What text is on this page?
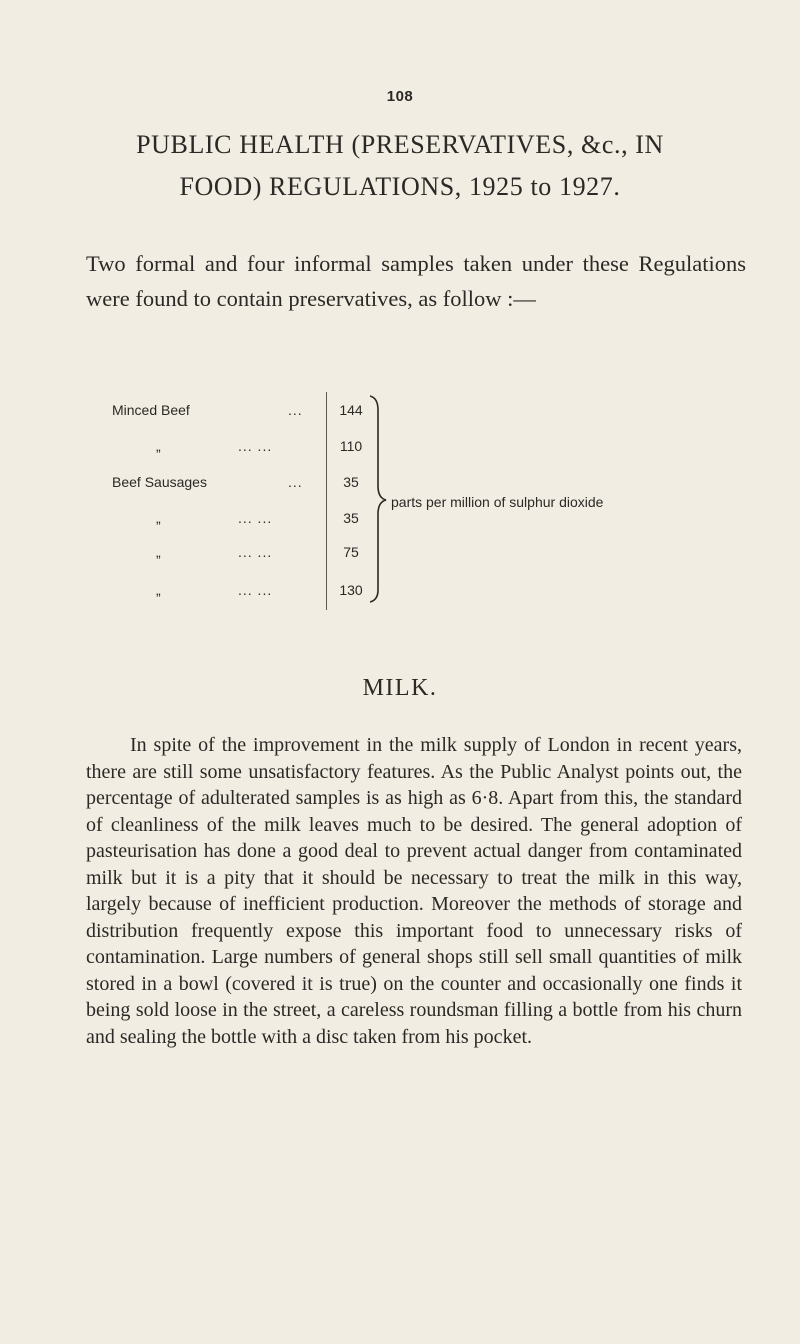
108
PUBLIC HEALTH (PRESERVATIVES, &c., IN
FOOD) REGULATIONS, 1925 to 1927.
Two formal and four informal samples taken under these Regulations were found to contain preservatives, as follow :—
Minced Beef	...	144
„	... ...	110
Beef Sausages	...	35
„	... ...	35
„	... ...	75
„	... ...	130
parts per million of sulphur dioxide
MILK.
In spite of the improvement in the milk supply of London in recent years, there are still some unsatisfactory features. As the Public Analyst points out, the percentage of adulterated samples is as high as 6·8. Apart from this, the standard of cleanliness of the milk leaves much to be desired. The general adoption of pasteurisation has done a good deal to prevent actual danger from contaminated milk but it is a pity that it should be necessary to treat the milk in this way, largely because of inefficient production. Moreover the methods of storage and distribution frequently expose this important food to unnecessary risks of contamination. Large numbers of general shops still sell small quantities of milk stored in a bowl (covered it is true) on the counter and occasionally one finds it being sold loose in the street, a careless roundsman filling a bottle from his churn and sealing the bottle with a disc taken from his pocket.
